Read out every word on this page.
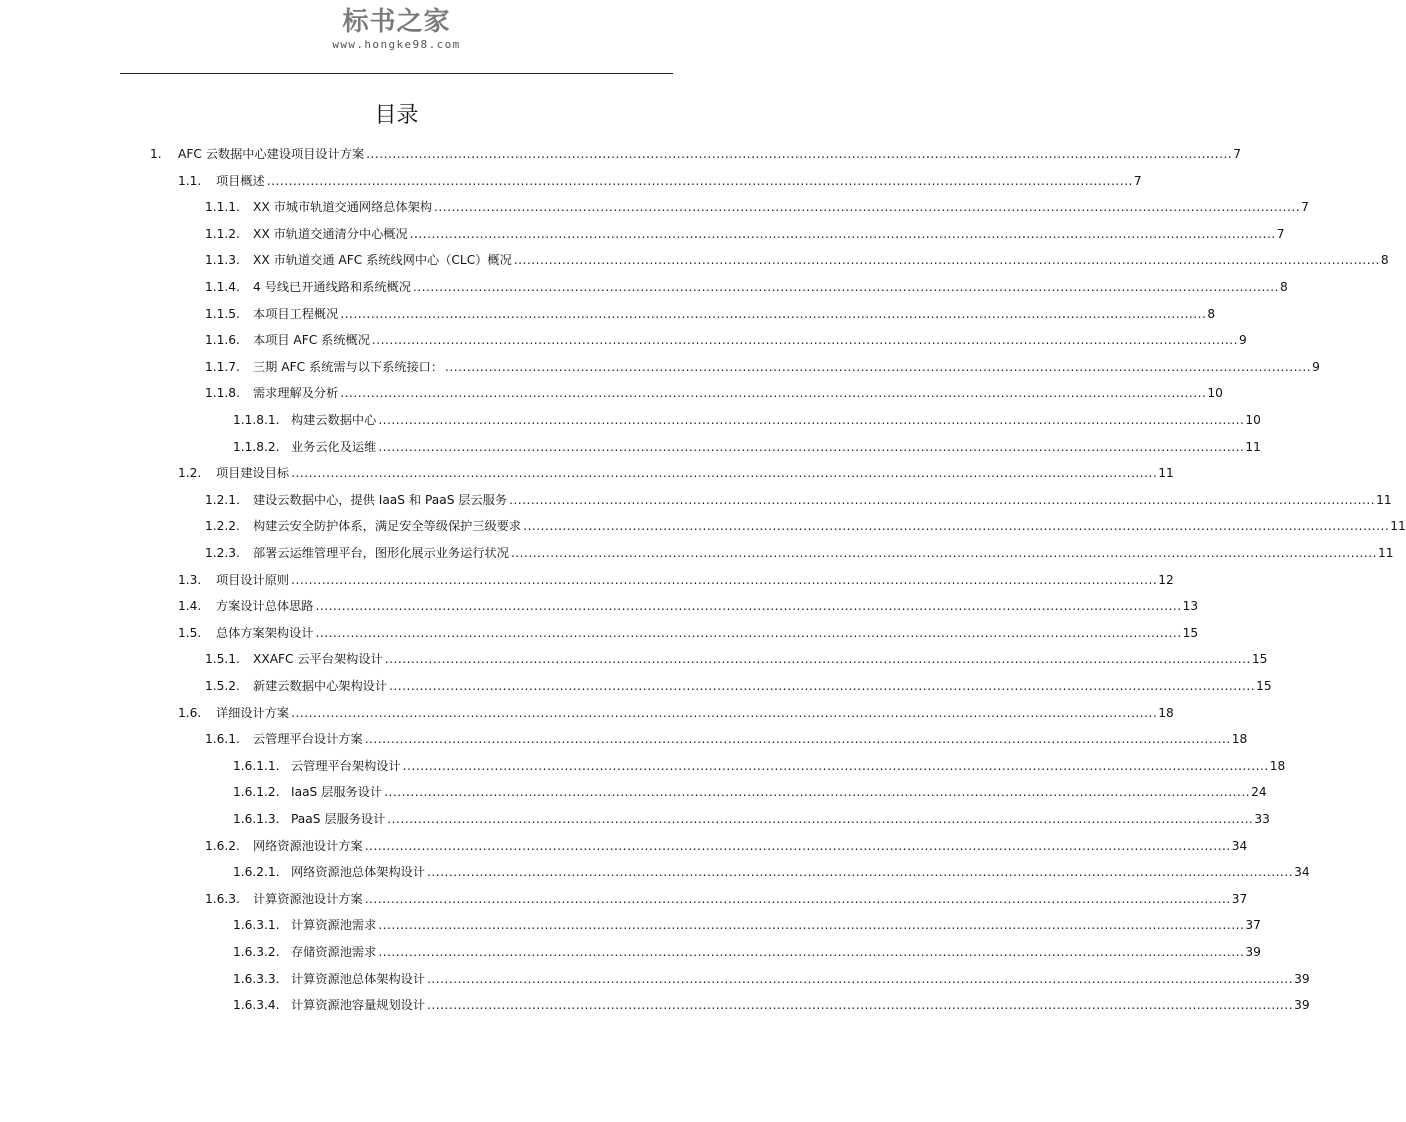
标书之家
www.hongke98.com
目录
1.	AFC 云数据中心建设项目设计方案 .....	7
1.1.	项目概述 .....	7
1.1.1.	XX 市城市轨道交通网络总体架构 .....	7
1.1.2.	XX 市轨道交通清分中心概况 .....	7
1.1.3.	XX 市轨道交通 AFC 系统线网中心（CLC）概况 .....	8
1.1.4.	4 号线已开通线路和系统概况 .....	8
1.1.5.	本项目工程概况 .....	8
1.1.6.	本项目 AFC 系统概况 .....	9
1.1.7.	三期 AFC 系统需与以下系统接口： .....	9
1.1.8.	需求理解及分析 .....	10
1.1.8.1. 构建云数据中心 .....	10
1.1.8.2. 业务云化及运维 .....	11
1.2.	项目建设目标 .....	11
1.2.1.	建设云数据中心，提供 IaaS 和 PaaS 层云服务 .....	11
1.2.2.	构建云安全防护体系，满足安全等级保护三级要求 .....	11
1.2.3.	部署云运维管理平台，图形化展示业务运行状况 .....	11
1.3.	项目设计原则 .....	12
1.4.	方案设计总体思路 .....	13
1.5.	总体方案架构设计 .....	15
1.5.1.	XXAFC 云平台架构设计 .....	15
1.5.2.	新建云数据中心架构设计 .....	15
1.6.	详细设计方案 .....	18
1.6.1.	云管理平台设计方案 .....	18
1.6.1.1. 云管理平台架构设计 .....	18
1.6.1.2. IaaS 层服务设计 .....	24
1.6.1.3. PaaS 层服务设计 .....	33
1.6.2.	网络资源池设计方案 .....	34
1.6.2.1. 网络资源池总体架构设计 .....	34
1.6.3.	计算资源池设计方案 .....	37
1.6.3.1. 计算资源池需求 .....	37
1.6.3.2. 存储资源池需求 .....	39
1.6.3.3. 计算资源池总体架构设计 .....	39
1.6.3.4. 计算资源池容量规划设计 .....	39
